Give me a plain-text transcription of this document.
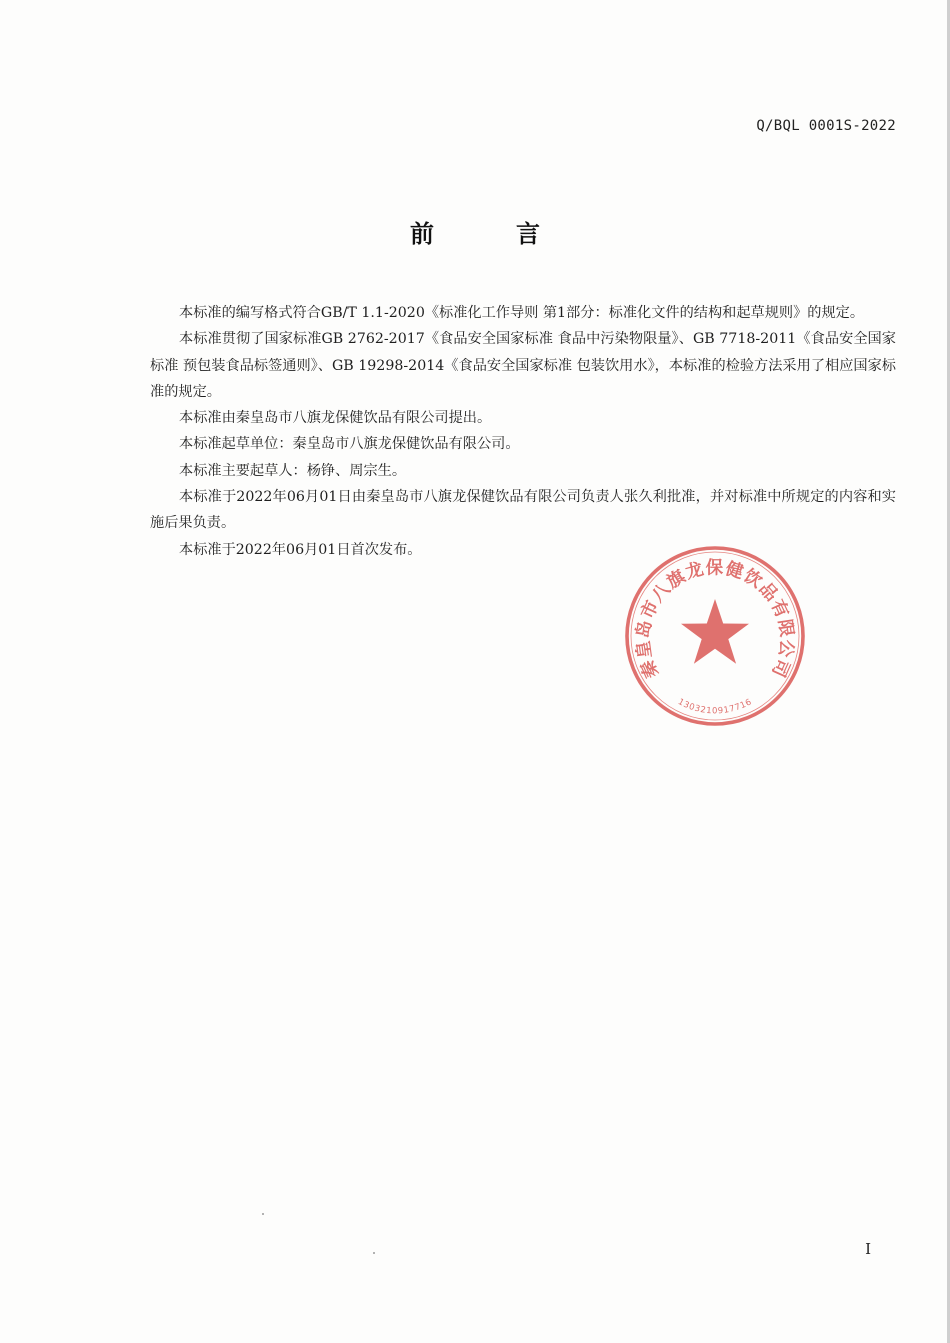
Q/BQL 0001S-2022
前	言

本标准的编写格式符合GB/T 1.1-2020《标准化工作导则 第1部分：标准化文件的结构和起草规则》的规定。

本标准贯彻了国家标准GB 2762-2017《食品安全国家标准 食品中污染物限量》、GB 7718-2011《食品安全国家标准 预包装食品标签通则》、GB 19298-2014《食品安全国家标准 包装饮用水》，本标准的检验方法采用了相应国家标准的规定。

本标准由秦皇岛市八旗龙保健饮品有限公司提出。

本标准起草单位：秦皇岛市八旗龙保健饮品有限公司。

本标准主要起草人：杨铮、周宗生。

本标准于2022年06月01日由秦皇岛市八旗龙保健饮品有限公司负责人张久利批准，并对标准中所规定的内容和实施后果负责。

本标准于2022年06月01日首次发布。

秦皇岛市八旗龙保健饮品有限公司
1303210917716
I
